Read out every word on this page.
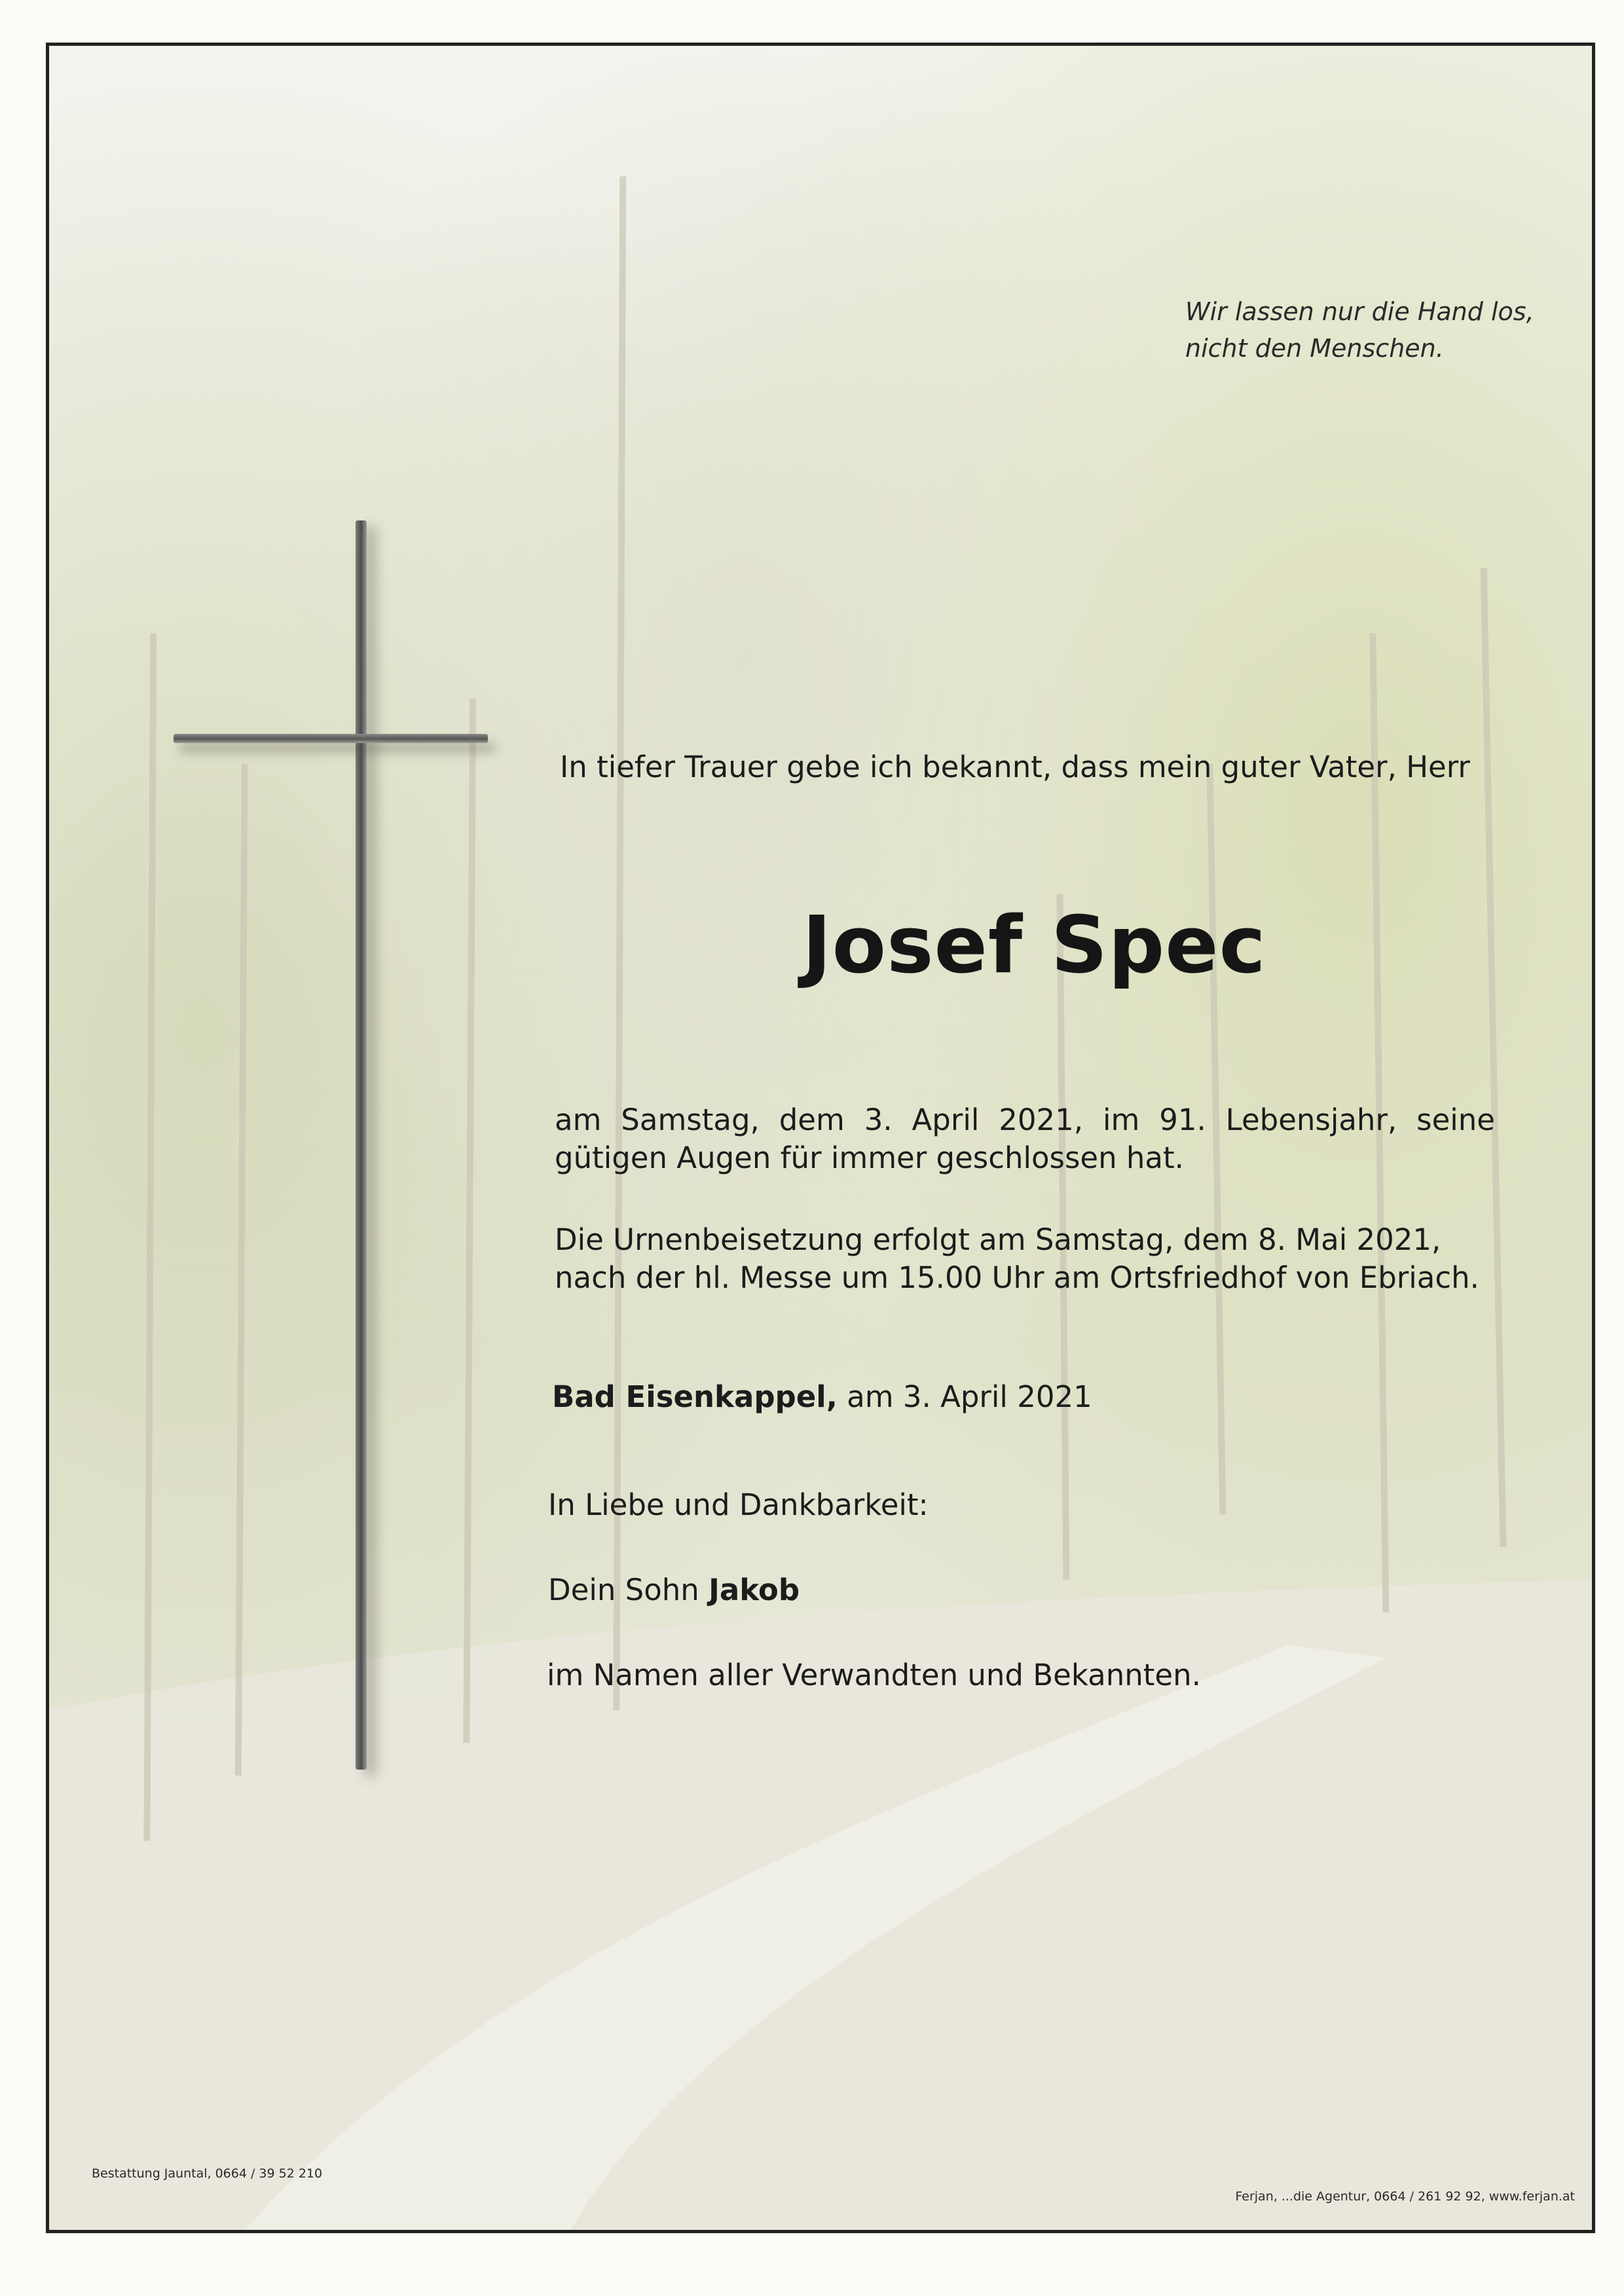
Wir lassen nur die Hand los,
nicht den Menschen.
In tiefer Trauer gebe ich bekannt, dass mein guter Vater, Herr
Josef Spec
am Samstag, dem 3. April 2021, im 91. Lebensjahr, seine gütigen Augen für immer geschlossen hat.
Die Urnenbeisetzung erfolgt am Samstag, dem 8. Mai 2021, nach der hl. Messe um 15.00 Uhr am Ortsfriedhof von Ebriach.
Bad Eisenkappel, am 3. April 2021
In Liebe und Dankbarkeit:
Dein Sohn Jakob
im Namen aller Verwandten und Bekannten.
Bestattung Jauntal, 0664 / 39 52 210
Ferjan, ...die Agentur, 0664 / 261 92 92, www.ferjan.at
